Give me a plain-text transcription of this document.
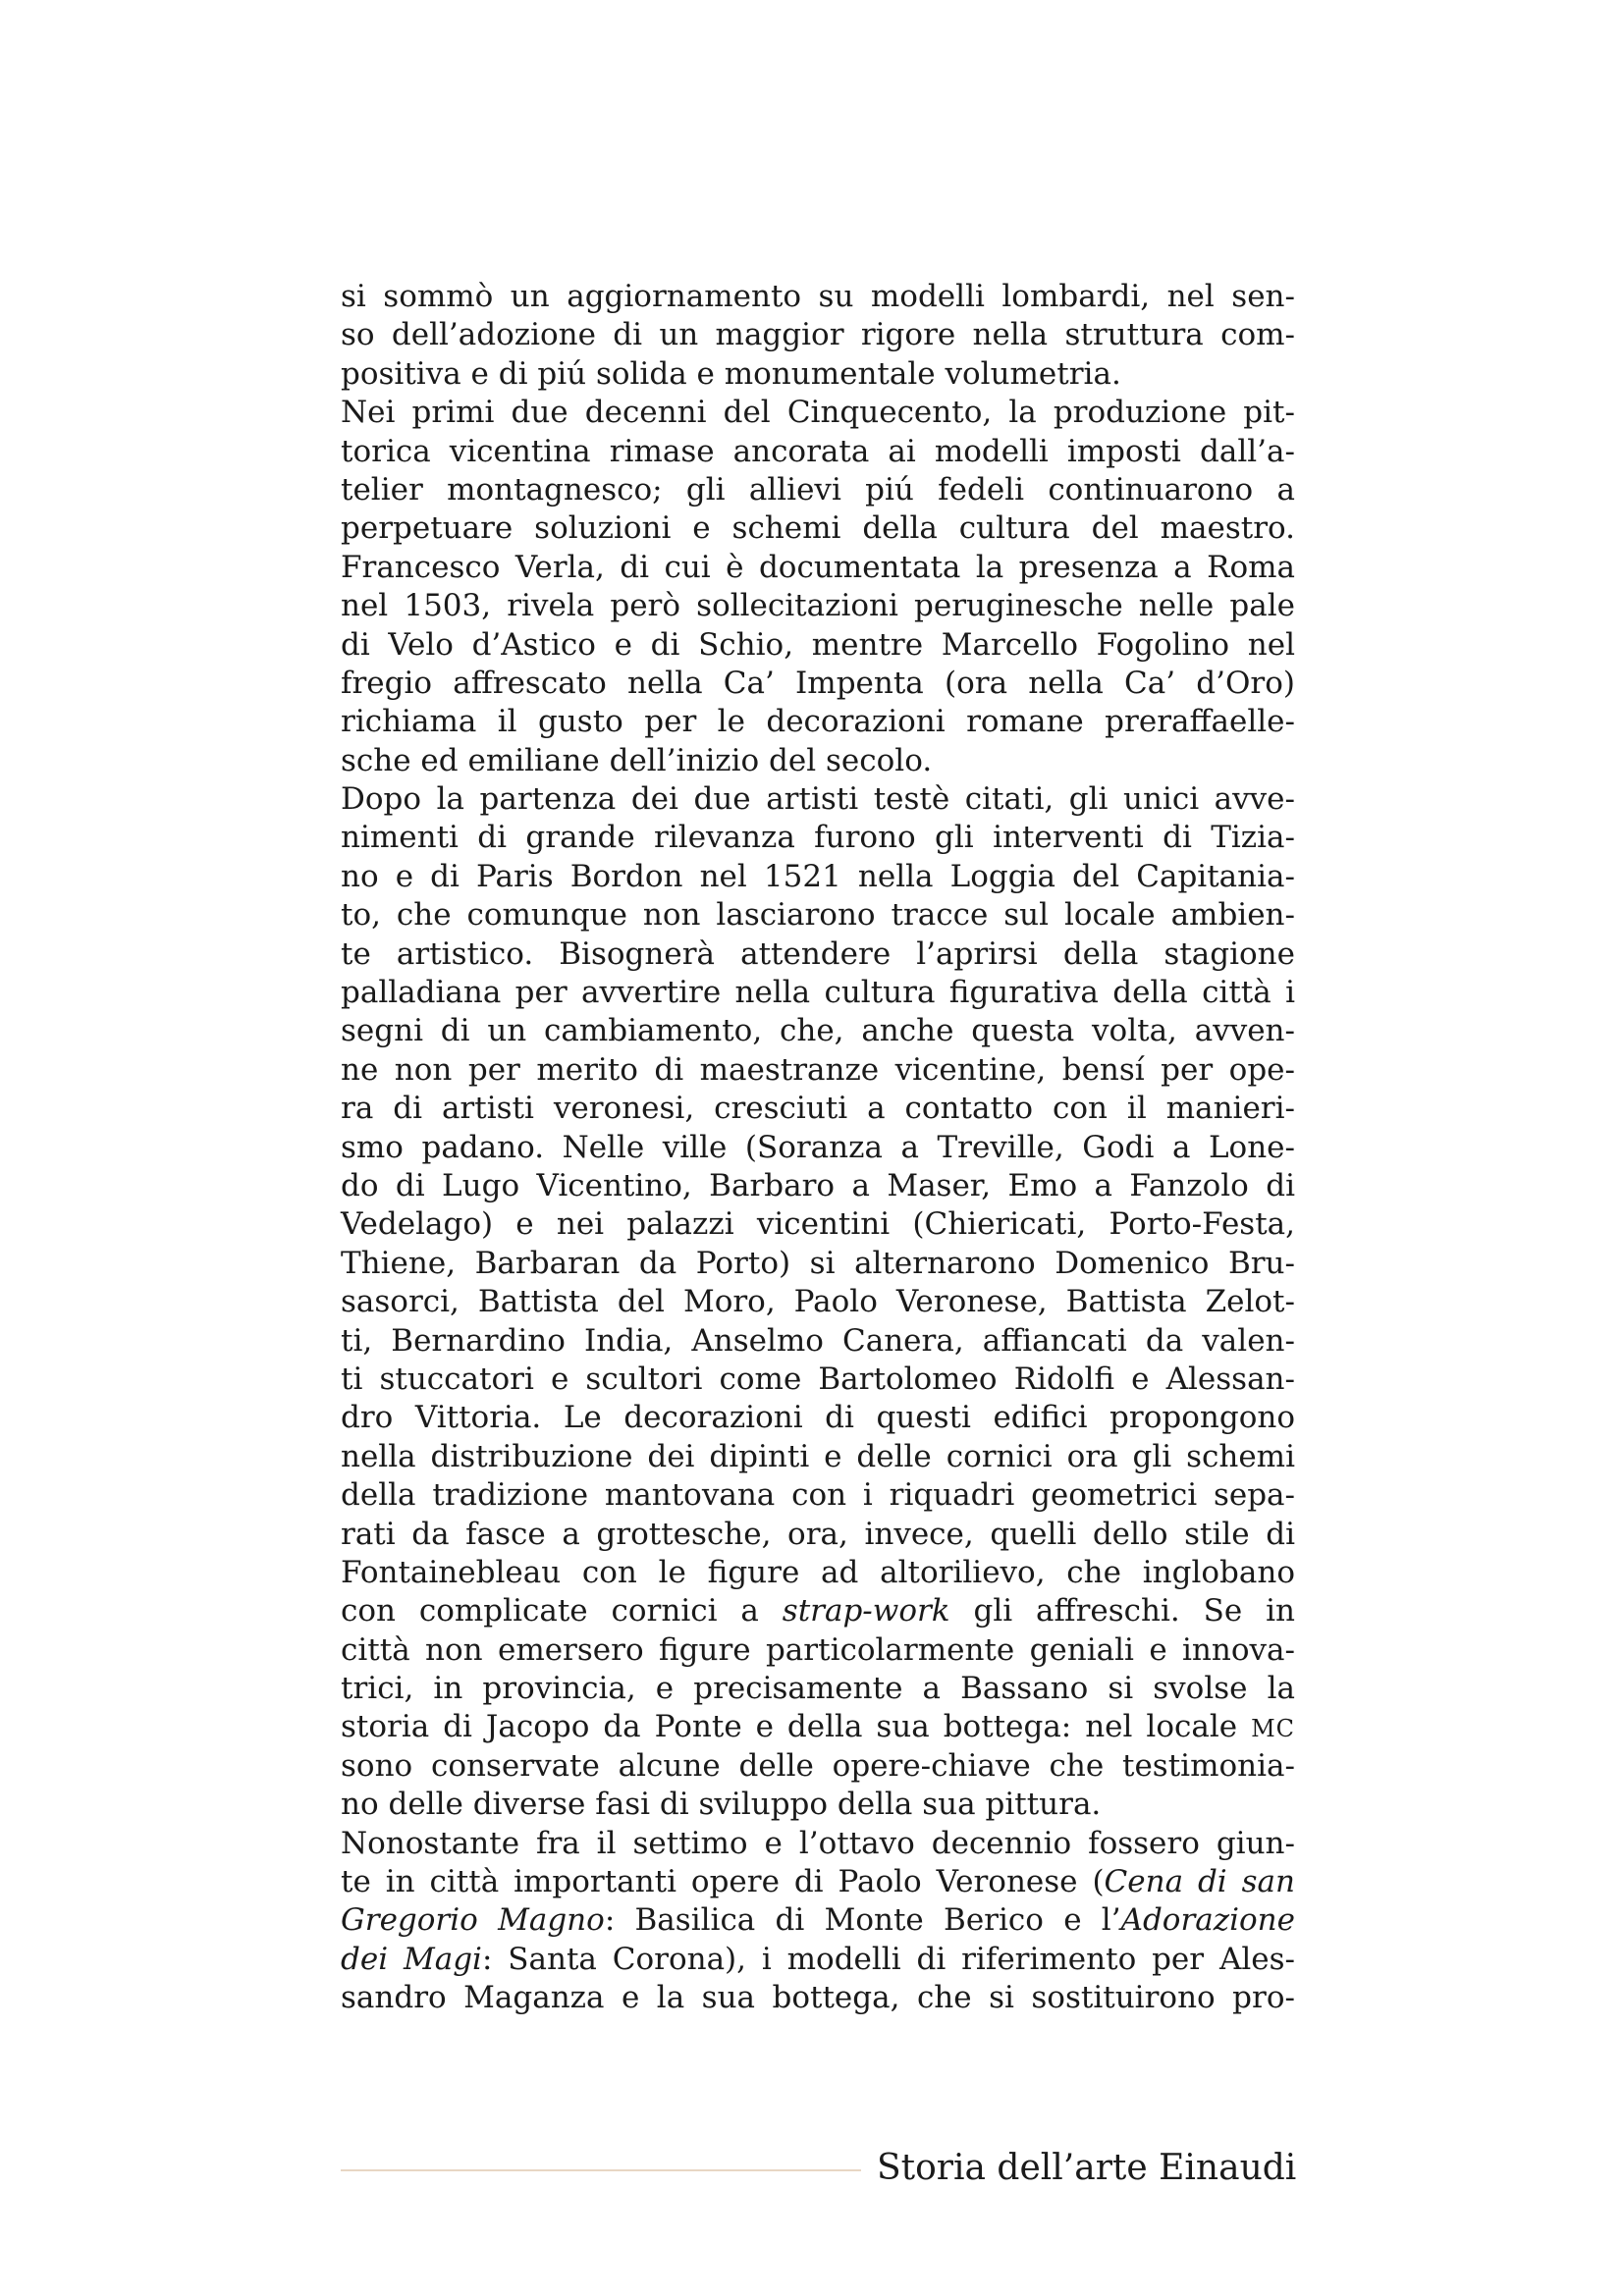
si sommò un aggiornamento su modelli lombardi, nel sen-
so dell’adozione di un maggior rigore nella struttura com-
positiva e di piú solida e monumentale volumetria.
Nei primi due decenni del Cinquecento, la produzione pit-
torica vicentina rimase ancorata ai modelli imposti dall’a-
telier montagnesco; gli allievi piú fedeli continuarono a
perpetuare soluzioni e schemi della cultura del maestro.
Francesco Verla, di cui è documentata la presenza a Roma
nel 1503, rivela però sollecitazioni peruginesche nelle pale
di Velo d’Astico e di Schio, mentre Marcello Fogolino nel
fregio affrescato nella Ca’ Impenta (ora nella Ca’ d’Oro)
richiama il gusto per le decorazioni romane preraffaelle-
sche ed emiliane dell’inizio del secolo.
Dopo la partenza dei due artisti testè citati, gli unici avve-
nimenti di grande rilevanza furono gli interventi di Tizia-
no e di Paris Bordon nel 1521 nella Loggia del Capitania-
to, che comunque non lasciarono tracce sul locale ambien-
te artistico. Bisognerà attendere l’aprirsi della stagione
palladiana per avvertire nella cultura figurativa della città i
segni di un cambiamento, che, anche questa volta, avven-
ne non per merito di maestranze vicentine, bensí per ope-
ra di artisti veronesi, cresciuti a contatto con il manieri-
smo padano. Nelle ville (Soranza a Treville, Godi a Lone-
do di Lugo Vicentino, Barbaro a Maser, Emo a Fanzolo di
Vedelago) e nei palazzi vicentini (Chiericati, Porto-Festa,
Thiene, Barbaran da Porto) si alternarono Domenico Bru-
sasorci, Battista del Moro, Paolo Veronese, Battista Zelot-
ti, Bernardino India, Anselmo Canera, affiancati da valen-
ti stuccatori e scultori come Bartolomeo Ridolfi e Alessan-
dro Vittoria. Le decorazioni di questi edifici propongono
nella distribuzione dei dipinti e delle cornici ora gli schemi
della tradizione mantovana con i riquadri geometrici sepa-
rati da fasce a grottesche, ora, invece, quelli dello stile di
Fontainebleau con le figure ad altorilievo, che inglobano
con complicate cornici a strap-work gli affreschi. Se in
città non emersero figure particolarmente geniali e innova-
trici, in provincia, e precisamente a Bassano si svolse la
storia di Jacopo da Ponte e della sua bottega: nel locale MC
sono conservate alcune delle opere-chiave che testimonia-
no delle diverse fasi di sviluppo della sua pittura.
Nonostante fra il settimo e l’ottavo decennio fossero giun-
te in città importanti opere di Paolo Veronese (Cena di san
Gregorio Magno: Basilica di Monte Berico e l’Adorazione
dei Magi: Santa Corona), i modelli di riferimento per Ales-
sandro Maganza e la sua bottega, che si sostituirono pro-
Storia dell’arte Einaudi
